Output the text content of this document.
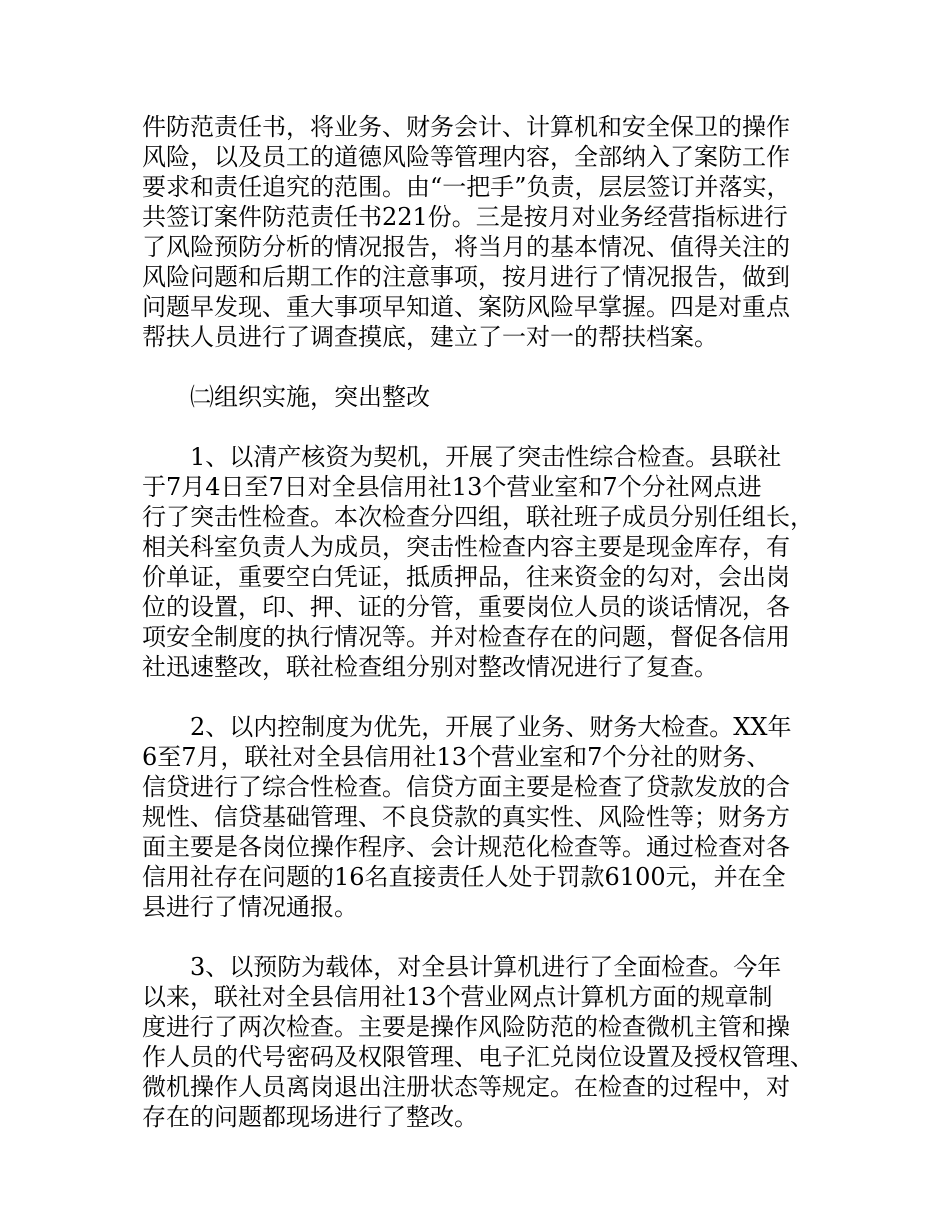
件防范责任书，将业务、财务会计、计算机和安全保卫的操作
风险，以及员工的道德风险等管理内容，全部纳入了案防工作
要求和责任追究的范围。由“一把手”负责，层层签订并落实，
共签订案件防范责任书221份。三是按月对业务经营指标进行
了风险预防分析的情况报告，将当月的基本情况、值得关注的
风险问题和后期工作的注意事项，按月进行了情况报告，做到
问题早发现、重大事项早知道、案防风险早掌握。四是对重点
帮扶人员进行了调查摸底，建立了一对一的帮扶档案。
㈡组织实施，突出整改
1、以清产核资为契机，开展了突击性综合检查。县联社
于7月4日至7日对全县信用社13个营业室和7个分社网点进
行了突击性检查。本次检查分四组，联社班子成员分别任组长，
相关科室负责人为成员，突击性检查内容主要是现金库存，有
价单证，重要空白凭证，抵质押品，往来资金的勾对，会出岗
位的设置，印、押、证的分管，重要岗位人员的谈话情况，各
项安全制度的执行情况等。并对检查存在的问题，督促各信用
社迅速整改，联社检查组分别对整改情况进行了复查。
2、以内控制度为优先，开展了业务、财务大检查。XX年
6至7月，联社对全县信用社13个营业室和7个分社的财务、
信贷进行了综合性检查。信贷方面主要是检查了贷款发放的合
规性、信贷基础管理、不良贷款的真实性、风险性等；财务方
面主要是各岗位操作程序、会计规范化检查等。通过检查对各
信用社存在问题的16名直接责任人处于罚款6100元，并在全
县进行了情况通报。
3、以预防为载体，对全县计算机进行了全面检查。今年
以来，联社对全县信用社13个营业网点计算机方面的规章制
度进行了两次检查。主要是操作风险防范的检查微机主管和操
作人员的代号密码及权限管理、电子汇兑岗位设置及授权管理、
微机操作人员离岗退出注册状态等规定。在检查的过程中，对
存在的问题都现场进行了整改。
